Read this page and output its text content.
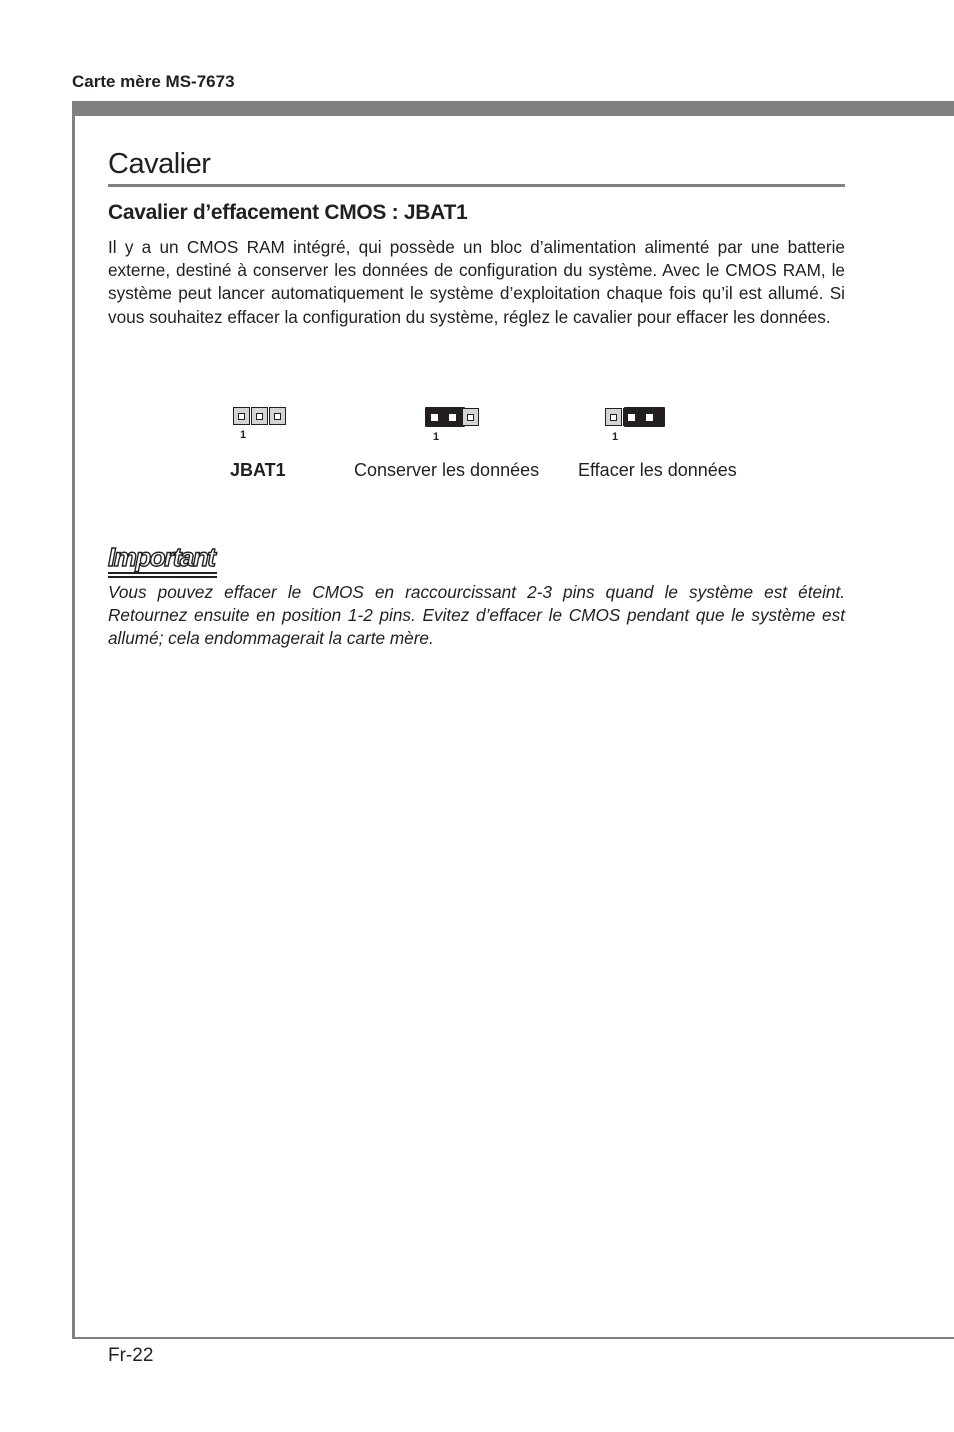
Carte mère MS-7673
Cavalier
Cavalier d’effacement CMOS : JBAT1
Il y a un CMOS RAM intégré, qui possède un bloc d’alimentation alimenté par une batterie externe, destiné à conserver les données de configuration du système. Avec le CMOS RAM, le système peut lancer automatiquement le système d’exploitation chaque fois qu’il est allumé. Si vous souhaitez effacer la configuration du système, réglez le cavalier pour effacer les données.
1
JBAT1
1
Conserver les données
1
Effacer les données
Important
Vous pouvez effacer le CMOS en raccourcissant 2-3 pins quand le système est éteint. Retournez ensuite en position 1-2 pins. Evitez d’effacer le CMOS pendant que le système est allumé; cela endommagerait la carte mère.
Fr-22
